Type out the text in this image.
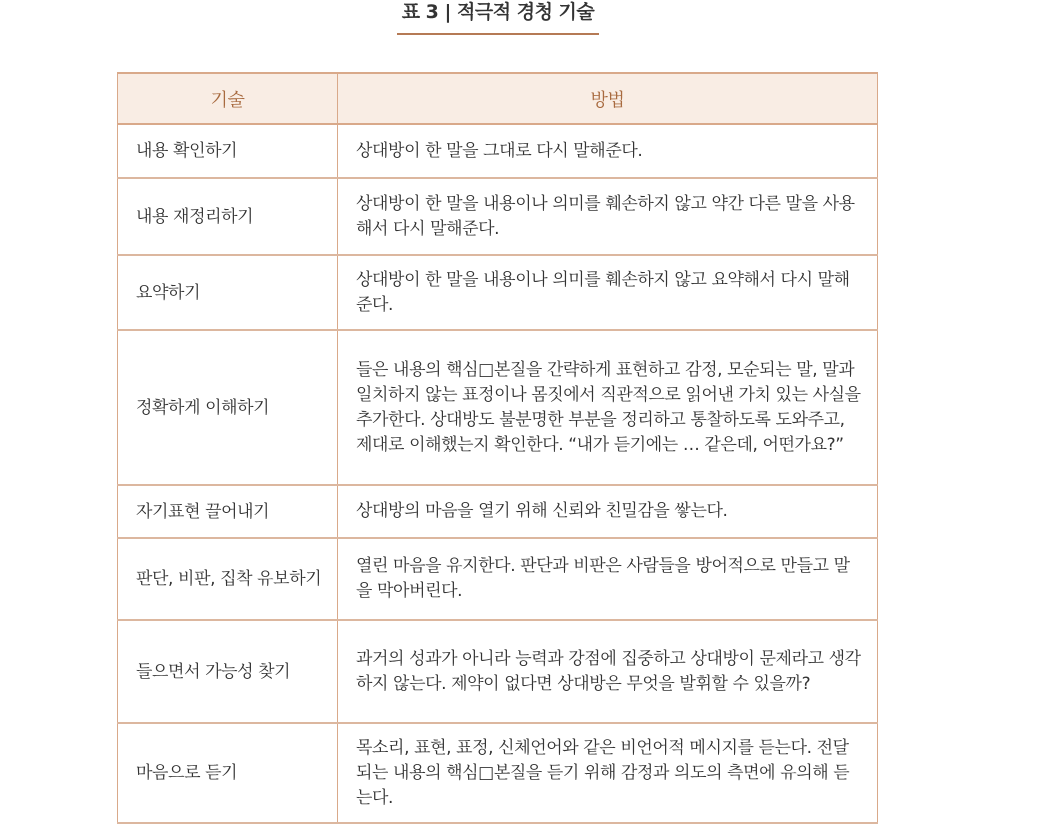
표 3 | 적극적 경청 기술
기술	방법
내용 확인하기	상대방이 한 말을 그대로 다시 말해준다.
내용 재정리하기	상대방이 한 말을 내용이나 의미를 훼손하지 않고 약간 다른 말을 사용해서 다시 말해준다.
요약하기	상대방이 한 말을 내용이나 의미를 훼손하지 않고 요약해서 다시 말해준다.
정확하게 이해하기	들은 내용의 핵심□본질을 간략하게 표현하고 감정, 모순되는 말, 말과 일치하지 않는 표정이나 몸짓에서 직관적으로 읽어낸 가치 있는 사실을 추가한다. 상대방도 불분명한 부분을 정리하고 통찰하도록 도와주고, 제대로 이해했는지 확인한다. “내가 듣기에는 … 같은데, 어떤가요?”
자기표현 끌어내기	상대방의 마음을 열기 위해 신뢰와 친밀감을 쌓는다.
판단, 비판, 집착 유보하기	열린 마음을 유지한다. 판단과 비판은 사람들을 방어적으로 만들고 말을 막아버린다.
들으면서 가능성 찾기	과거의 성과가 아니라 능력과 강점에 집중하고 상대방이 문제라고 생각하지 않는다. 제약이 없다면 상대방은 무엇을 발휘할 수 있을까?
마음으로 듣기	목소리, 표현, 표정, 신체언어와 같은 비언어적 메시지를 듣는다. 전달되는 내용의 핵심□본질을 듣기 위해 감정과 의도의 측면에 유의해 듣는다.
